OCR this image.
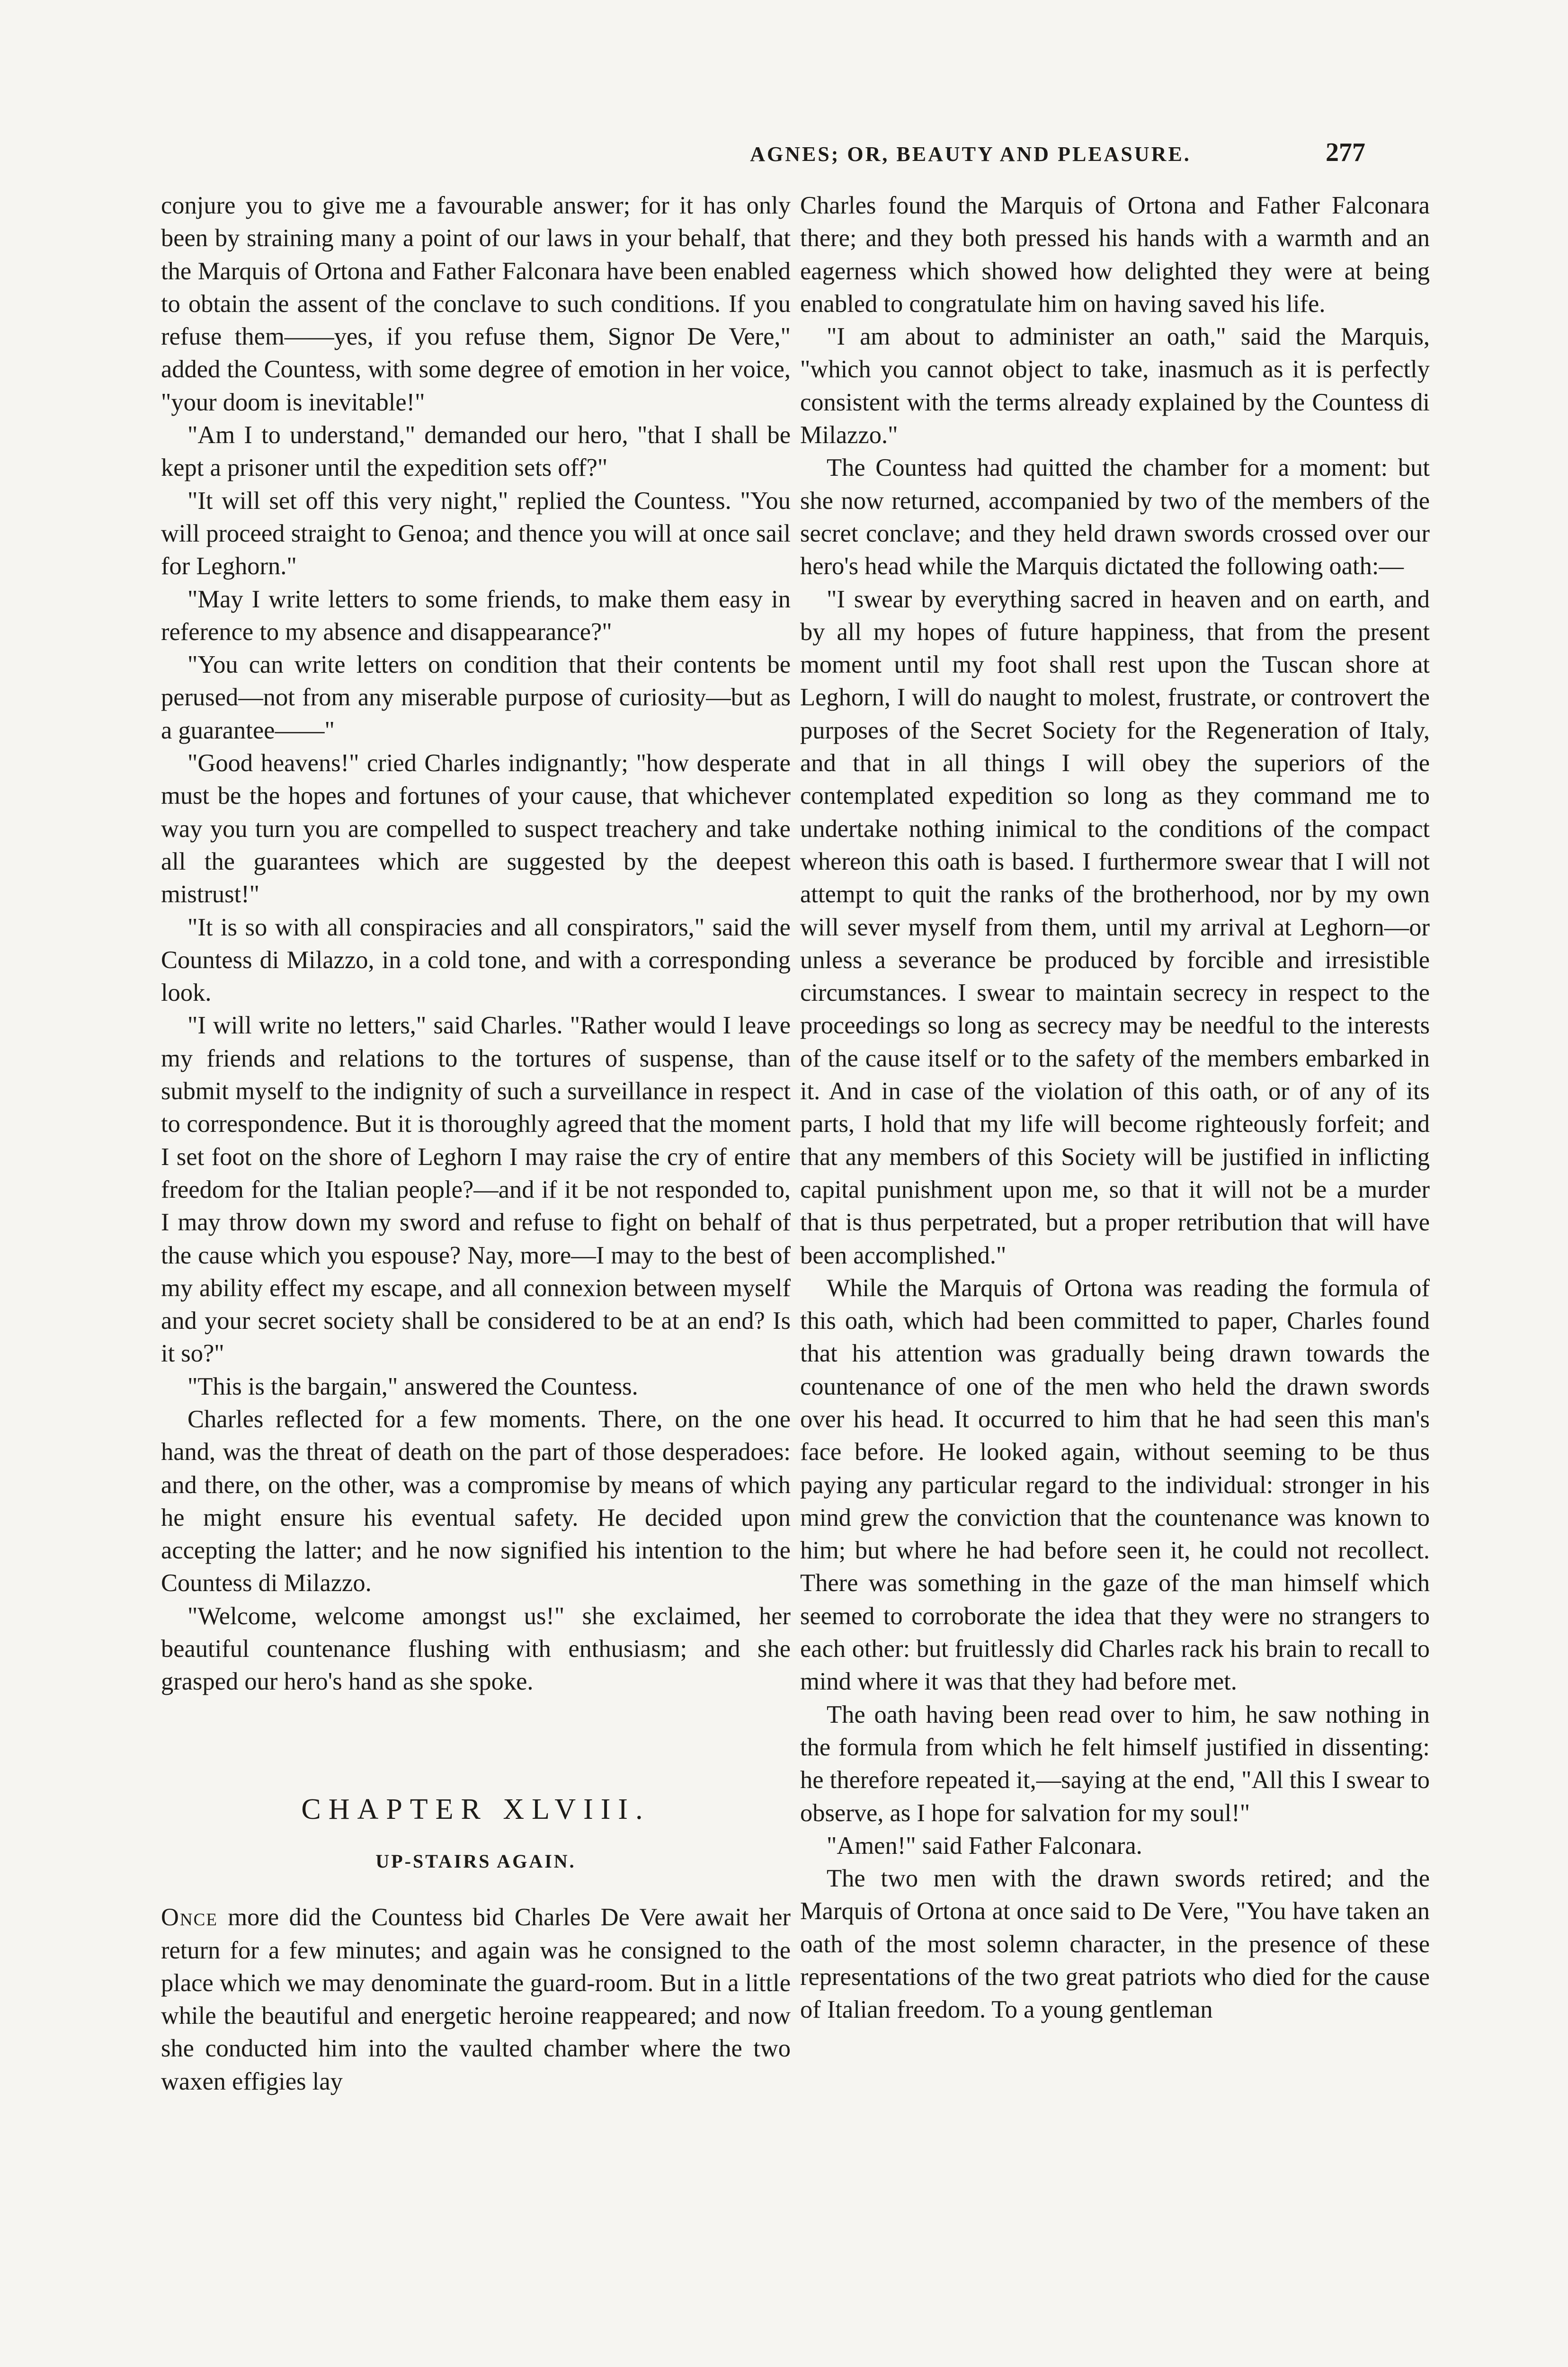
AGNES; OR, BEAUTY AND PLEASURE.	277

conjure you to give me a favourable answer; for it has only been by straining many a point of our laws in your behalf, that the Marquis of Ortona and Father Falconara have been enabled to obtain the assent of the conclave to such conditions. If you refuse them——yes, if you refuse them, Signor De Vere," added the Countess, with some degree of emotion in her voice, "your doom is inevitable!"

"Am I to understand," demanded our hero, "that I shall be kept a prisoner until the expedition sets off?"

"It will set off this very night," replied the Countess. "You will proceed straight to Genoa; and thence you will at once sail for Leghorn."

"May I write letters to some friends, to make them easy in reference to my absence and disappearance?"

"You can write letters on condition that their contents be perused—not from any miserable purpose of curiosity—but as a guarantee——"

"Good heavens!" cried Charles indignantly; "how desperate must be the hopes and fortunes of your cause, that whichever way you turn you are compelled to suspect treachery and take all the guarantees which are suggested by the deepest mistrust!"

"It is so with all conspiracies and all conspirators," said the Countess di Milazzo, in a cold tone, and with a corresponding look.

"I will write no letters," said Charles. "Rather would I leave my friends and relations to the tortures of suspense, than submit myself to the indignity of such a surveillance in respect to correspondence. But it is thoroughly agreed that the moment I set foot on the shore of Leghorn I may raise the cry of entire freedom for the Italian people?—and if it be not responded to, I may throw down my sword and refuse to fight on behalf of the cause which you espouse? Nay, more—I may to the best of my ability effect my escape, and all connexion between myself and your secret society shall be considered to be at an end? Is it so?"

"This is the bargain," answered the Countess.

Charles reflected for a few moments. There, on the one hand, was the threat of death on the part of those desperadoes: and there, on the other, was a compromise by means of which he might ensure his eventual safety. He decided upon accepting the latter; and he now signified his intention to the Countess di Milazzo.

"Welcome, welcome amongst us!" she exclaimed, her beautiful countenance flushing with enthusiasm; and she grasped our hero's hand as she spoke.

CHAPTER XLVIII.
UP-STAIRS AGAIN.

Once more did the Countess bid Charles De Vere await her return for a few minutes; and again was he consigned to the place which we may denominate the guard-room. But in a little while the beautiful and energetic heroine reappeared; and now she conducted him into the vaulted chamber where the two waxen effigies lay

Charles found the Marquis of Ortona and Father Falconara there; and they both pressed his hands with a warmth and an eagerness which showed how delighted they were at being enabled to congratulate him on having saved his life.

"I am about to administer an oath," said the Marquis, "which you cannot object to take, inasmuch as it is perfectly consistent with the terms already explained by the Countess di Milazzo."

The Countess had quitted the chamber for a moment: but she now returned, accompanied by two of the members of the secret conclave; and they held drawn swords crossed over our hero's head while the Marquis dictated the following oath:—

"I swear by everything sacred in heaven and on earth, and by all my hopes of future happiness, that from the present moment until my foot shall rest upon the Tuscan shore at Leghorn, I will do naught to molest, frustrate, or controvert the purposes of the Secret Society for the Regeneration of Italy, and that in all things I will obey the superiors of the contemplated expedition so long as they command me to undertake nothing inimical to the conditions of the compact whereon this oath is based. I furthermore swear that I will not attempt to quit the ranks of the brotherhood, nor by my own will sever myself from them, until my arrival at Leghorn—or unless a severance be produced by forcible and irresistible circumstances. I swear to maintain secrecy in respect to the proceedings so long as secrecy may be needful to the interests of the cause itself or to the safety of the members embarked in it. And in case of the violation of this oath, or of any of its parts, I hold that my life will become righteously forfeit; and that any members of this Society will be justified in inflicting capital punishment upon me, so that it will not be a murder that is thus perpetrated, but a proper retribution that will have been accomplished."

While the Marquis of Ortona was reading the formula of this oath, which had been committed to paper, Charles found that his attention was gradually being drawn towards the countenance of one of the men who held the drawn swords over his head. It occurred to him that he had seen this man's face before. He looked again, without seeming to be thus paying any particular regard to the individual: stronger in his mind grew the conviction that the countenance was known to him; but where he had before seen it, he could not recollect. There was something in the gaze of the man himself which seemed to corroborate the idea that they were no strangers to each other: but fruitlessly did Charles rack his brain to recall to mind where it was that they had before met.

The oath having been read over to him, he saw nothing in the formula from which he felt himself justified in dissenting: he therefore repeated it,—saying at the end, "All this I swear to observe, as I hope for salvation for my soul!"

"Amen!" said Father Falconara.

The two men with the drawn swords retired; and the Marquis of Ortona at once said to De Vere, "You have taken an oath of the most solemn character, in the presence of these representations of the two great patriots who died for the cause of Italian freedom. To a young gentleman
